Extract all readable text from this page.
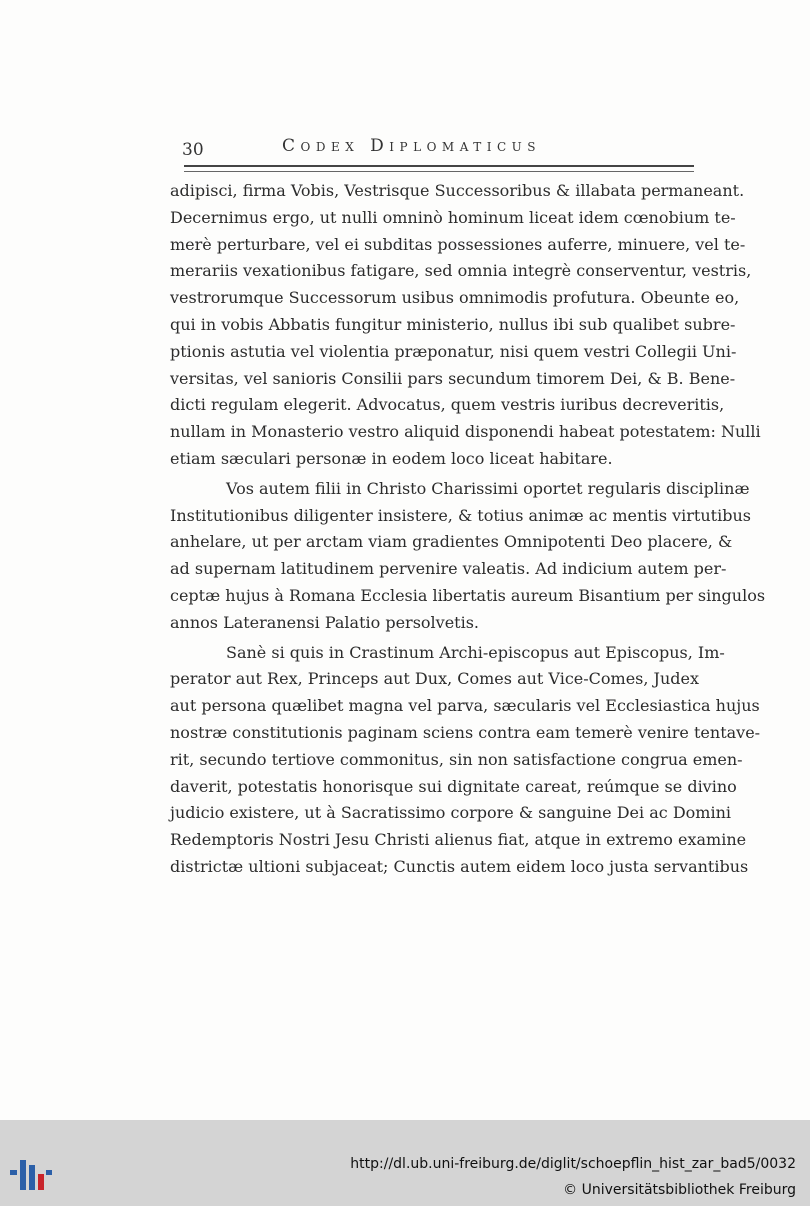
30	Codex Diplomaticus
adipisci, firma Vobis, Vestrisque Successoribus & illabata permaneant.
Decernimus ergo, ut nulli omninò hominum liceat idem cœnobium te-
merè perturbare, vel ei subditas possessiones auferre, minuere, vel te-
merariis vexationibus fatigare, sed omnia integrè conserventur, vestris,
vestrorumque Successorum usibus omnimodis profutura. Obeunte eo,
qui in vobis Abbatis fungitur ministerio, nullus ibi sub qualibet subre-
ptionis astutia vel violentia præponatur, nisi quem vestri Collegii Uni-
versitas, vel sanioris Consilii pars secundum timorem Dei, & B. Bene-
dicti regulam elegerit. Advocatus, quem vestris iuribus decreveritis,
nullam in Monasterio vestro aliquid disponendi habeat potestatem: Nulli
etiam sæculari personæ in eodem loco liceat habitare.
Vos autem filii in Christo Charissimi oportet regularis disciplinæ
Institutionibus diligenter insistere, & totius animæ ac mentis virtutibus
anhelare, ut per arctam viam gradientes Omnipotenti Deo placere, &
ad supernam latitudinem pervenire valeatis. Ad indicium autem per-
ceptæ hujus à Romana Ecclesia libertatis aureum Bisantium per singulos
annos Lateranensi Palatio persolvetis.
Sanè si quis in Crastinum Archi-episcopus aut Episcopus, Im-
perator aut Rex, Princeps aut Dux, Comes aut Vice-Comes, Judex
aut persona quælibet magna vel parva, sæcularis vel Ecclesiastica hujus
nostræ constitutionis paginam sciens contra eam temerè venire tentave-
rit, secundo tertiove commonitus, sin non satisfactione congrua emen-
daverit, potestatis honorisque sui dignitate careat, reúmque se divino
judicio existere, ut à Sacratissimo corpore & sanguine Dei ac Domini
Redemptoris Nostri Jesu Christi alienus fiat, atque in extremo examine
districtæ ultioni subjaceat; Cunctis autem eidem loco justa servantibus
http://dl.ub.uni-freiburg.de/diglit/schoepflin_hist_zar_bad5/0032
© Universitätsbibliothek Freiburg
